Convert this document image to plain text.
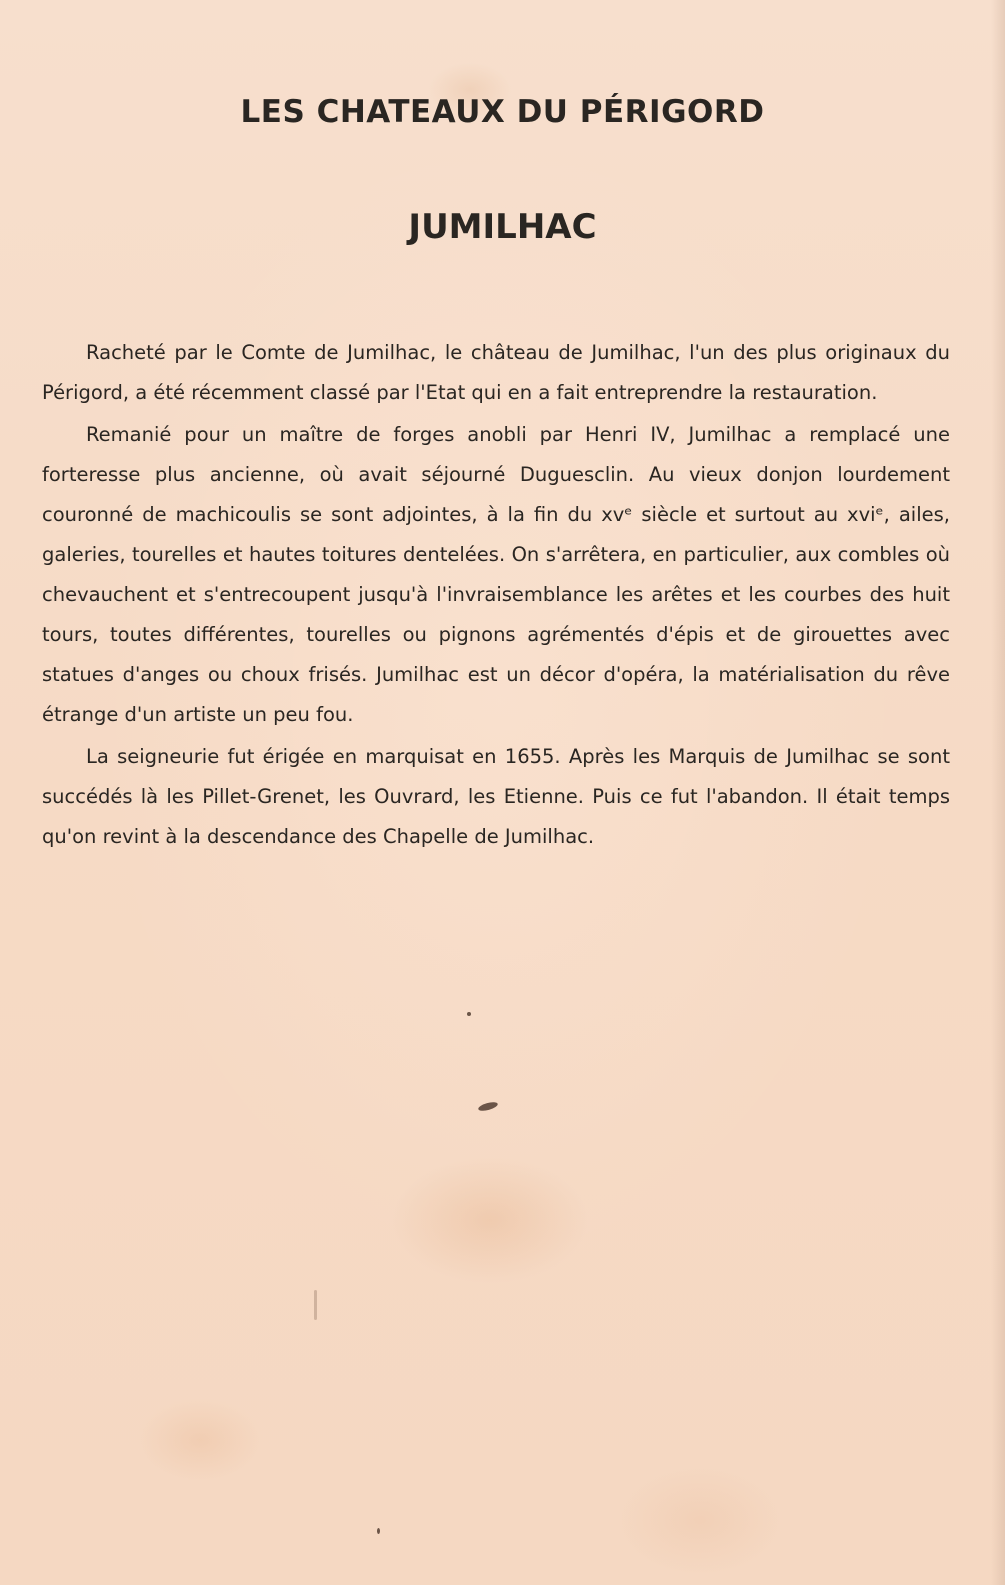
LES CHATEAUX DU PÉRIGORD
JUMILHAC

Racheté par le Comte de Jumilhac, le château de Jumilhac, l'un des plus originaux du Périgord, a été récemment classé par l'Etat qui en a fait entreprendre la restauration.

Remanié pour un maître de forges anobli par Henri IV, Jumilhac a remplacé une forteresse plus ancienne, où avait séjourné Duguesclin. Au vieux donjon lourdement couronné de machicoulis se sont adjointes, à la fin du xvᵉ siècle et surtout au xviᵉ, ailes, galeries, tourelles et hautes toitures dentelées. On s'arrêtera, en particulier, aux combles où chevauchent et s'entrecoupent jusqu'à l'invraisemblance les arêtes et les courbes des huit tours, toutes différentes, tourelles ou pignons agrémentés d'épis et de girouettes avec statues d'anges ou choux frisés. Jumilhac est un décor d'opéra, la matérialisation du rêve étrange d'un artiste un peu fou.

La seigneurie fut érigée en marquisat en 1655. Après les Marquis de Jumilhac se sont succédés là les Pillet-Grenet, les Ouvrard, les Etienne. Puis ce fut l'abandon. Il était temps qu'on revint à la descendance des Chapelle de Jumilhac.
